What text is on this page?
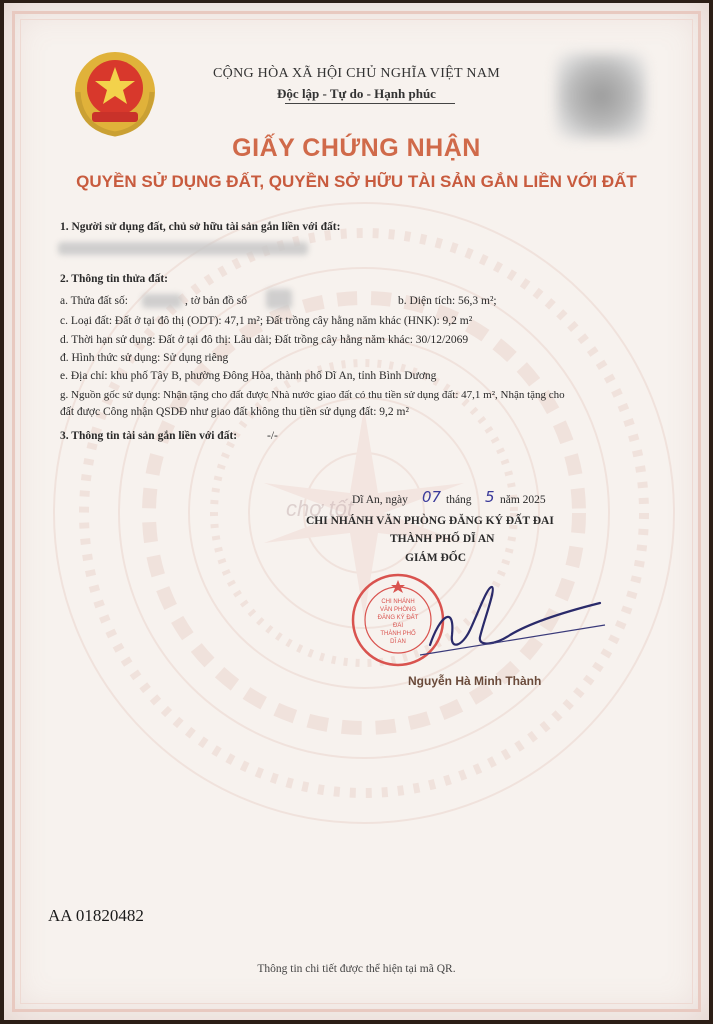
CỘNG HÒA XÃ HỘI CHỦ NGHĨA VIỆT NAM
Độc lập - Tự do - Hạnh phúc
GIẤY CHỨNG NHẬN
QUYỀN SỬ DỤNG ĐẤT, QUYỀN SỞ HỮU TÀI SẢN GẮN LIỀN VỚI ĐẤT
1. Người sử dụng đất, chủ sở hữu tài sản gắn liền với đất:
2. Thông tin thửa đất:
a. Thửa đất số:	, tờ bản đồ số	b. Diện tích: 56,3 m²;
c. Loại đất: Đất ở tại đô thị (ODT): 47,1 m²; Đất trồng cây hằng năm khác (HNK): 9,2 m²
d. Thời hạn sử dụng: Đất ở tại đô thị: Lâu dài; Đất trồng cây hằng năm khác: 30/12/2069
đ. Hình thức sử dụng: Sử dụng riêng
e. Địa chỉ: khu phố Tây B, phường Đông Hòa, thành phố Dĩ An, tỉnh Bình Dương
g. Nguồn gốc sử dụng: Nhận tặng cho đất được Nhà nước giao đất có thu tiền sử dụng đất: 47,1 m², Nhận tặng cho
đất được Công nhận QSDĐ như giao đất không thu tiền sử dụng đất: 9,2 m²
3. Thông tin tài sản gắn liền với đất:	-/-
chợ tốt
Dĩ An, ngày 07 tháng 5 năm 2025
CHI NHÁNH VĂN PHÒNG ĐĂNG KÝ ĐẤT ĐAI
THÀNH PHỐ DĨ AN
GIÁM ĐỐC
CHI NHÁNH
VĂN PHÒNG
ĐĂNG KÝ ĐẤT ĐAI
THÀNH PHỐ
DĨ AN
Nguyễn Hà Minh Thành
AA 01820482
Thông tin chi tiết được thể hiện tại mã QR.
